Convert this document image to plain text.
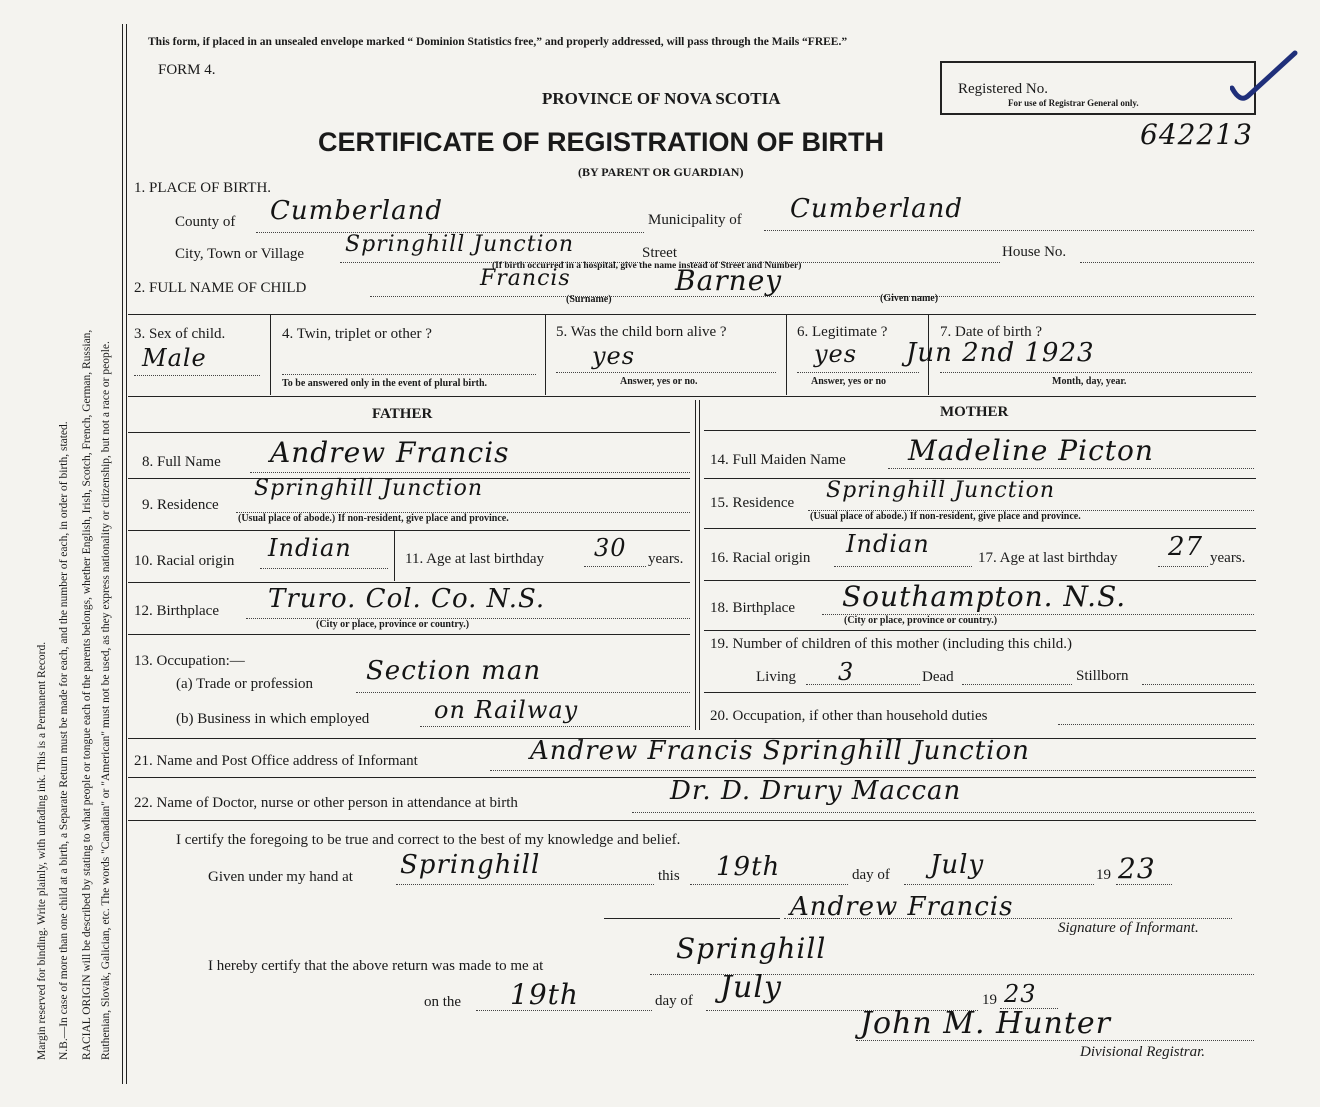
Margin reserved for binding. Write plainly, with unfading ink. This is a Permanent Record. N.B.—In case of more than one child at a birth, a Separate Return must be made for each, and the number of each, in order of birth, stated. RACIAL ORIGIN will be described by stating to what people or tongue each of the parents belongs, whether English, Irish, Scotch, French, German, Russian, Ruthenian, Slovak, Galician, etc. The words "Canadian" or "American" must not be used, as they express nationality or citizenship, but not a race or people.
This form, if placed in an unsealed envelope marked “ Dominion Statistics free,” and properly addressed, will pass through the Mails “FREE.”
FORM 4.
PROVINCE OF NOVA SCOTIA
CERTIFICATE OF REGISTRATION OF BIRTH
(BY PARENT OR GUARDIAN)
Registered No.
For use of Registrar General only.
642213
1. PLACE OF BIRTH.
County of Cumberland	Municipality of Cumberland
City, Town or Village Springhill Junction	Street	House No.
(If birth occurred in a hospital, give the name instead of Street and Number)
2. FULL NAME OF CHILD	Francis
(Surname)
Barney
(Given name)
3. Sex of child.
Male
4. Twin, triplet or other ?
To be answered only in the event of plural birth.
5. Was the child born alive ?
yes
Answer, yes or no.
6. Legitimate ?
yes
Answer, yes or no
7. Date of birth ?
Jun 2nd 1923
Month, day, year.
FATHER	MOTHER
8. Full Name Andrew Francis
9. Residence
Springhill Junction
(Usual place of abode.) If non-resident, give place and province.
10. Racial origin Indian	11. Age at last birthday 30 years.
12. Birthplace Truro. Col. Co. N.S.
(City or place, province or country.)
13. Occupation:—
(a) Trade or profession Section man
(b) Business in which employed	on Railway
14. Full Maiden Name Madeline Picton
15. Residence Springhill Junction
(Usual place of abode.) If non-resident, give place and province.
16. Racial origin Indian	17. Age at last birthday 27 years.
18. Birthplace Southampton. N.S.
(City or place, province or country.)
19. Number of children of this mother (including this child.)
Living 3	Dead	Stillborn
20. Occupation, if other than household duties
21. Name and Post Office address of Informant	Andrew Francis Springhill Junction
22. Name of Doctor, nurse or other person in attendance at birth	Dr. D. Drury Maccan
I certify the foregoing to be true and correct to the best of my knowledge and belief.
Given under my hand at Springhill	this 19th	day of July	19 23
Andrew Francis
Signature of Informant.
I hereby certify that the above return was made to me at
Springhill
on the 19th	day of July	19 23
John M. Hunter
Divisional Registrar.
